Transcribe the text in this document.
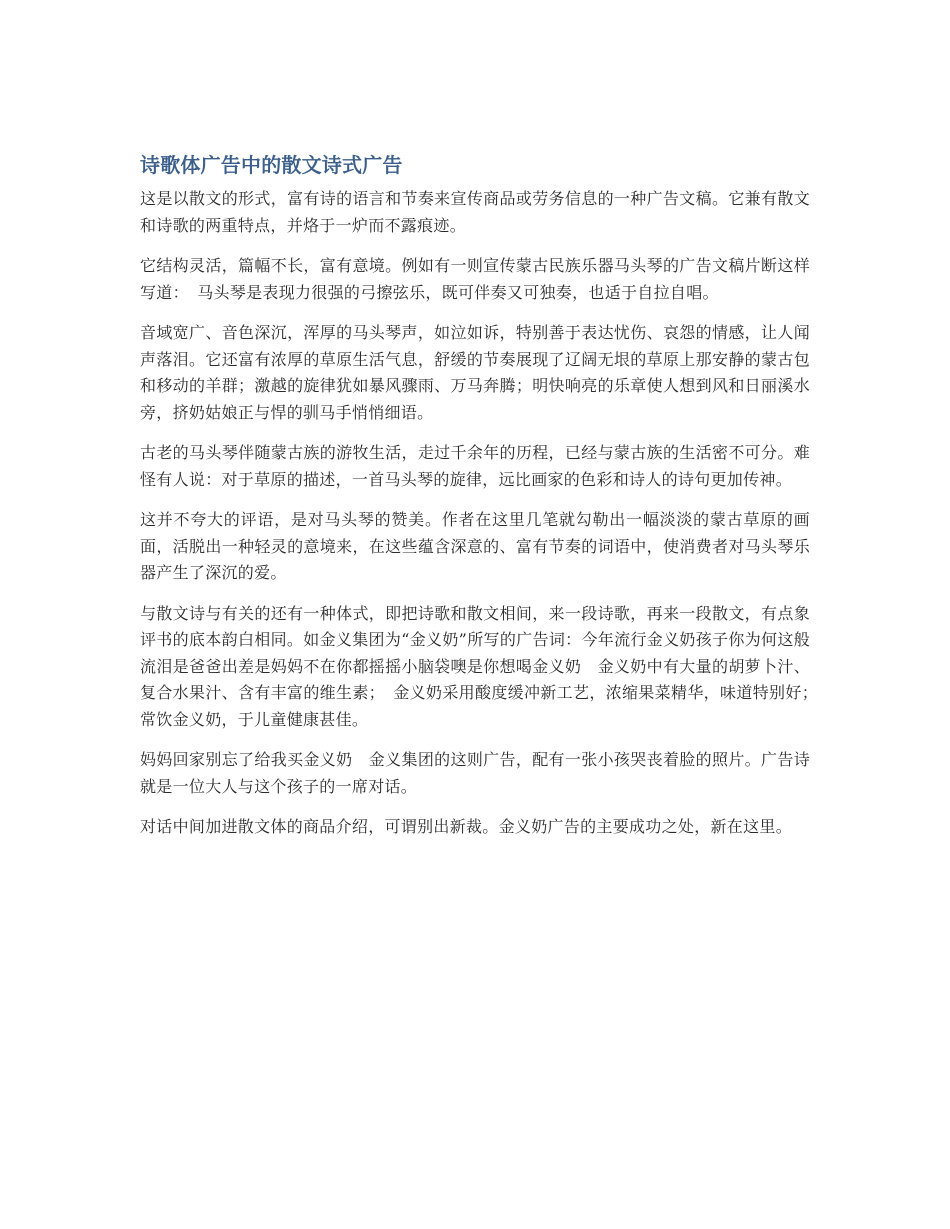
诗歌体广告中的散文诗式广告

这是以散文的形式，富有诗的语言和节奏来宣传商品或劳务信息的一种广告文稿。它兼有散文和诗歌的两重特点，并烙于一炉而不露痕迹。

它结构灵活，篇幅不长，富有意境。例如有一则宣传蒙古民族乐器马头琴的广告文稿片断这样写道：　马头琴是表现力很强的弓擦弦乐，既可伴奏又可独奏，也适于自拉自唱。

音域宽广、音色深沉，浑厚的马头琴声，如泣如诉，特别善于表达忧伤、哀怨的情感，让人闻声落泪。它还富有浓厚的草原生活气息，舒缓的节奏展现了辽阔无垠的草原上那安静的蒙古包和移动的羊群；激越的旋律犹如暴风骤雨、万马奔腾；明快响亮的乐章使人想到风和日丽溪水旁，挤奶姑娘正与悍的驯马手悄悄细语。

古老的马头琴伴随蒙古族的游牧生活，走过千余年的历程，已经与蒙古族的生活密不可分。难怪有人说：对于草原的描述，一首马头琴的旋律，远比画家的色彩和诗人的诗句更加传神。

这并不夸大的评语，是对马头琴的赞美。作者在这里几笔就勾勒出一幅淡淡的蒙古草原的画面，活脱出一种轻灵的意境来，在这些蕴含深意的、富有节奏的词语中，使消费者对马头琴乐器产生了深沉的爱。

与散文诗与有关的还有一种体式，即把诗歌和散文相间，来一段诗歌，再来一段散文，有点象评书的底本韵白相同。如金义集团为“金义奶”所写的广告词：今年流行金义奶孩子你为何这般流泪是爸爸出差是妈妈不在你都摇摇小脑袋噢是你想喝金义奶　金义奶中有大量的胡萝卜汁、复合水果汁、含有丰富的维生素；　金义奶采用酸度缓冲新工艺，浓缩果菜精华，味道特别好；　常饮金义奶，于儿童健康甚佳。

妈妈回家别忘了给我买金义奶　金义集团的这则广告，配有一张小孩哭丧着脸的照片。广告诗就是一位大人与这个孩子的一席对话。

对话中间加进散文体的商品介绍，可谓别出新裁。金义奶广告的主要成功之处，新在这里。
